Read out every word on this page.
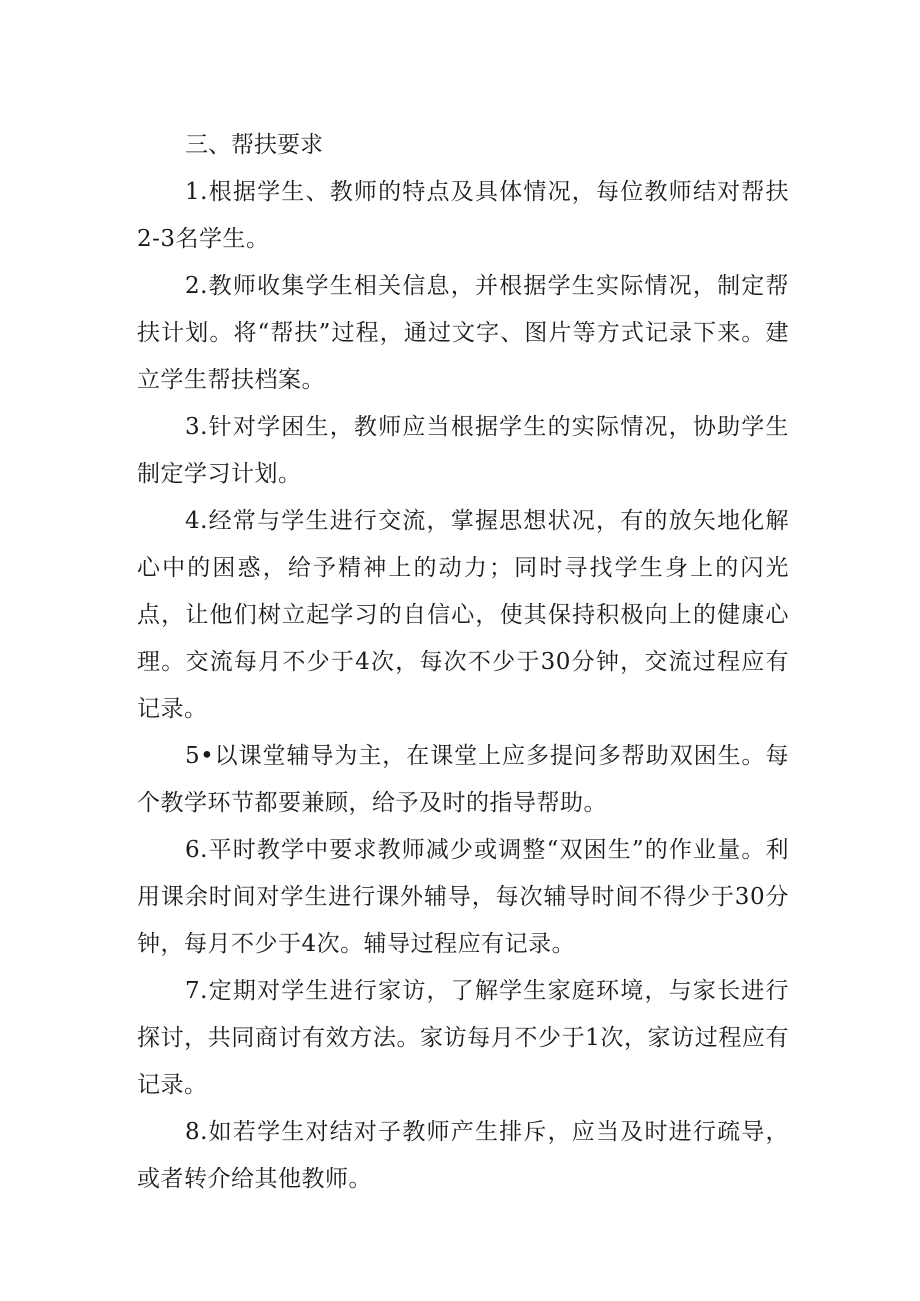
三、帮扶要求

1.根据学生、教师的特点及具体情况，每位教师结对帮扶2-3名学生。

2.教师收集学生相关信息，并根据学生实际情况，制定帮扶计划。将“帮扶”过程，通过文字、图片等方式记录下来。建立学生帮扶档案。

3.针对学困生，教师应当根据学生的实际情况，协助学生制定学习计划。

4.经常与学生进行交流，掌握思想状况，有的放矢地化解心中的困惑，给予精神上的动力；同时寻找学生身上的闪光点，让他们树立起学习的自信心，使其保持积极向上的健康心理。交流每月不少于4次，每次不少于30分钟，交流过程应有记录。

5•以课堂辅导为主，在课堂上应多提问多帮助双困生。每个教学环节都要兼顾，给予及时的指导帮助。

6.平时教学中要求教师减少或调整“双困生”的作业量。利用课余时间对学生进行课外辅导，每次辅导时间不得少于30分钟，每月不少于4次。辅导过程应有记录。

7.定期对学生进行家访，了解学生家庭环境，与家长进行探讨，共同商讨有效方法。家访每月不少于1次，家访过程应有记录。

8.如若学生对结对子教师产生排斥，应当及时进行疏导，或者转介给其他教师。
